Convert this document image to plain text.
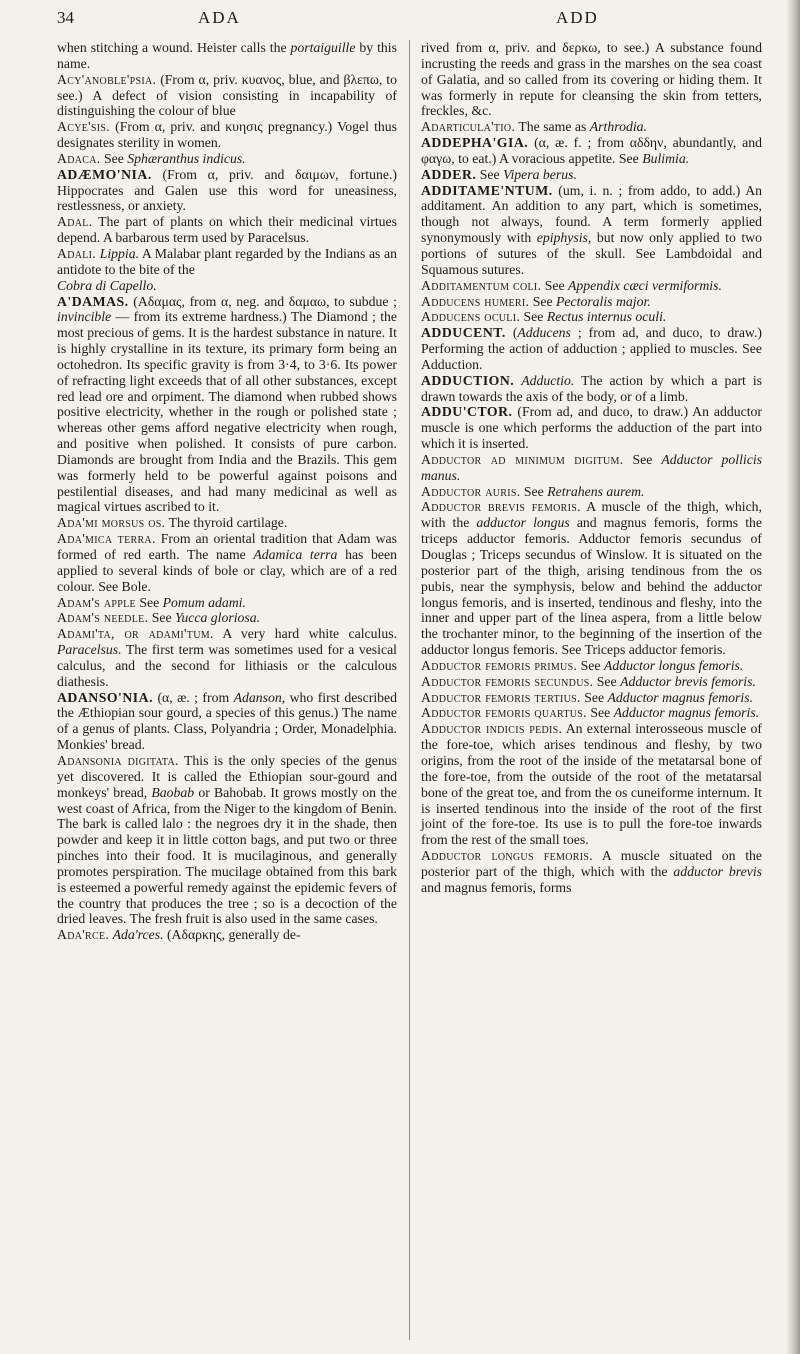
34	ADA	ADD

when stitching a wound. Heister calls the portaiguille by this name.

Acy'anoble'psia. (From α, priv. κυανος, blue, and βλεπω, to see.) A defect of vision consisting in incapability of distinguishing the colour of blue

Acye'sis. (From α, priv. and κυησις pregnancy.) Vogel thus designates sterility in women.

Adaca. See Sphæranthus indicus.

ADÆMO'NIA. (From α, priv. and δαιμων, fortune.) Hippocrates and Galen use this word for uneasiness, restlessness, or anxiety.

Adal. The part of plants on which their medicinal virtues depend. A barbarous term used by Paracelsus.

Adali. Lippia. A Malabar plant regarded by the Indians as an antidote to the bite of the

Cobra di Capello.

A'DAMAS. (Αδαμας, from α, neg. and δαμαω, to subdue ; invincible — from its extreme hardness.) The Diamond ; the most precious of gems. It is the hardest substance in nature. It is highly crystalline in its texture, its primary form being an octohedron. Its specific gravity is from 3·4, to 3·6. Its power of refracting light exceeds that of all other substances, except red lead ore and orpiment. The diamond when rubbed shows positive electricity, whether in the rough or polished state ; whereas other gems afford negative electricity when rough, and positive when polished. It consists of pure carbon. Diamonds are brought from India and the Brazils. This gem was formerly held to be powerful against poisons and pestilential diseases, and had many medicinal as well as magical virtues ascribed to it.

Ada'mi morsus os. The thyroid cartilage.

Ada'mica terra. From an oriental tradition that Adam was formed of red earth. The name Adamica terra has been applied to several kinds of bole or clay, which are of a red colour. See Bole.

Adam's apple See Pomum adami.

Adam's needle. See Yucca gloriosa.

Adami'ta, or adami'tum. A very hard white calculus. Paracelsus. The first term was sometimes used for a vesical calculus, and the second for lithiasis or the calculous diathesis.

ADANSO'NIA. (α, æ. ; from Adanson, who first described the Æthiopian sour gourd, a species of this genus.) The name of a genus of plants. Class, Polyandria ; Order, Monadelphia. Monkies' bread.

Adansonia digitata. This is the only species of the genus yet discovered. It is called the Ethiopian sour-gourd and monkeys' bread, Baobab or Bahobab. It grows mostly on the west coast of Africa, from the Niger to the kingdom of Benin. The bark is called lalo : the negroes dry it in the shade, then powder and keep it in little cotton bags, and put two or three pinches into their food. It is mucilaginous, and generally promotes perspiration. The mucilage obtained from this bark is esteemed a powerful remedy against the epidemic fevers of the country that produces the tree ; so is a decoction of the dried leaves. The fresh fruit is also used in the same cases.

Ada'rce. Ada'rces. (Αδαρκης, generally de-

rived from α, priv. and δερκω, to see.) A substance found incrusting the reeds and grass in the marshes on the sea coast of Galatia, and so called from its covering or hiding them. It was formerly in repute for cleansing the skin from tetters, freckles, &c.

Adarticula'tio. The same as Arthrodia.

ADDEPHA'GIA. (α, æ. f. ; from αδδην, abundantly, and φαγω, to eat.) A voracious appetite. See Bulimia.

ADDER. See Vipera berus.

ADDITAME'NTUM. (um, i. n. ; from addo, to add.) An additament. An addition to any part, which is sometimes, though not always, found. A term formerly applied synonymously with epiphysis, but now only applied to two portions of sutures of the skull. See Lambdoidal and Squamous sutures.

Additamentum coli. See Appendix cæci vermiformis.

Adducens humeri. See Pectoralis major.

Adducens oculi. See Rectus internus oculi.

ADDUCENT. (Adducens ; from ad, and duco, to draw.) Performing the action of adduction ; applied to muscles. See Adduction.

ADDUCTION. Adductio. The action by which a part is drawn towards the axis of the body, or of a limb.

ADDU'CTOR. (From ad, and duco, to draw.) An adductor muscle is one which performs the adduction of the part into which it is inserted.

Adductor ad minimum digitum. See Adductor pollicis manus.

Adductor auris. See Retrahens aurem.

Adductor brevis femoris. A muscle of the thigh, which, with the adductor longus and magnus femoris, forms the triceps adductor femoris. Adductor femoris secundus of Douglas ; Triceps secundus of Winslow. It is situated on the posterior part of the thigh, arising tendinous from the os pubis, near the symphysis, below and behind the adductor longus femoris, and is inserted, tendinous and fleshy, into the inner and upper part of the linea aspera, from a little below the trochanter minor, to the beginning of the insertion of the adductor longus femoris. See Triceps adductor femoris.

Adductor femoris primus. See Adductor longus femoris.

Adductor femoris secundus. See Adductor brevis femoris.

Adductor femoris tertius. See Adductor magnus femoris.

Adductor femoris quartus. See Adductor magnus femoris.

Adductor indicis pedis. An external interosseous muscle of the fore-toe, which arises tendinous and fleshy, by two origins, from the root of the inside of the metatarsal bone of the fore-toe, from the outside of the root of the metatarsal bone of the great toe, and from the os cuneiforme internum. It is inserted tendinous into the inside of the root of the first joint of the fore-toe. Its use is to pull the fore-toe inwards from the rest of the small toes.

Adductor longus femoris. A muscle situated on the posterior part of the thigh, which with the adductor brevis and magnus femoris, forms
